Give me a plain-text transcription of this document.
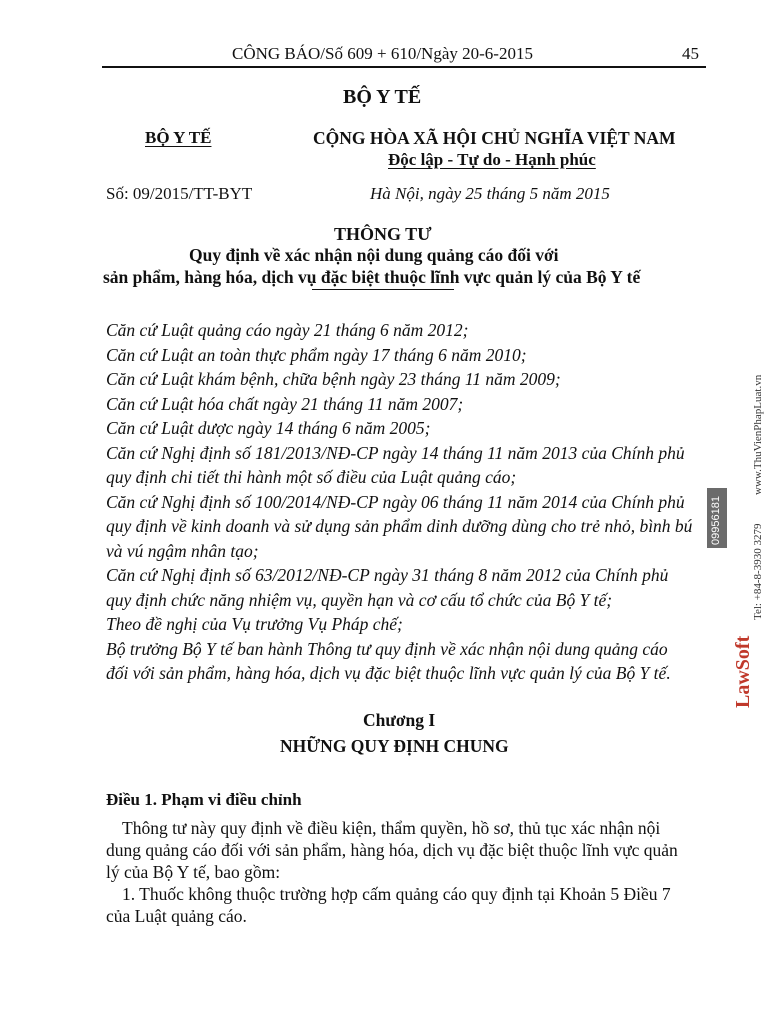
CÔNG BÁO/Số 609 + 610/Ngày 20-6-2015	45
BỘ Y TẾ
BỘ Y TẾ	CỘNG HÒA XÃ HỘI CHỦ NGHĨA VIỆT NAM
Độc lập - Tự do - Hạnh phúc
Số: 09/2015/TT-BYT	Hà Nội, ngày 25 tháng 5 năm 2015
THÔNG TƯ
Quy định về xác nhận nội dung quảng cáo đối với
sản phẩm, hàng hóa, dịch vụ đặc biệt thuộc lĩnh vực quản lý của Bộ Y tế

Căn cứ Luật quảng cáo ngày 21 tháng 6 năm 2012;

Căn cứ Luật an toàn thực phẩm ngày 17 tháng 6 năm 2010;

Căn cứ Luật khám bệnh, chữa bệnh ngày 23 tháng 11 năm 2009;

Căn cứ Luật hóa chất ngày 21 tháng 11 năm 2007;

Căn cứ Luật dược ngày 14 tháng 6 năm 2005;

Căn cứ Nghị định số 181/2013/NĐ-CP ngày 14 tháng 11 năm 2013 của Chính phủ

quy định chi tiết thi hành một số điều của Luật quảng cáo;

Căn cứ Nghị định số 100/2014/NĐ-CP ngày 06 tháng 11 năm 2014 của Chính phủ

quy định về kinh doanh và sử dụng sản phẩm dinh dưỡng dùng cho trẻ nhỏ, bình bú

và vú ngậm nhân tạo;

Căn cứ Nghị định số 63/2012/NĐ-CP ngày 31 tháng 8 năm 2012 của Chính phủ

quy định chức năng nhiệm vụ, quyền hạn và cơ cấu tổ chức của Bộ Y tế;

Theo đề nghị của Vụ trưởng Vụ Pháp chế;

Bộ trưởng Bộ Y tế ban hành Thông tư quy định về xác nhận nội dung quảng cáo

đối với sản phẩm, hàng hóa, dịch vụ đặc biệt thuộc lĩnh vực quản lý của Bộ Y tế.

Chương I
NHỮNG QUY ĐỊNH CHUNG
Điều 1. Phạm vi điều chỉnh

Thông tư này quy định về điều kiện, thẩm quyền, hồ sơ, thủ tục xác nhận nội

dung quảng cáo đối với sản phẩm, hàng hóa, dịch vụ đặc biệt thuộc lĩnh vực quản

lý của Bộ Y tế, bao gồm:

1. Thuốc không thuộc trường hợp cấm quảng cáo quy định tại Khoản 5 Điều 7

của Luật quảng cáo.

LawSoft
Tel: +84-8-3930 3279
www.ThuVienPhapLuat.vn
09956181
